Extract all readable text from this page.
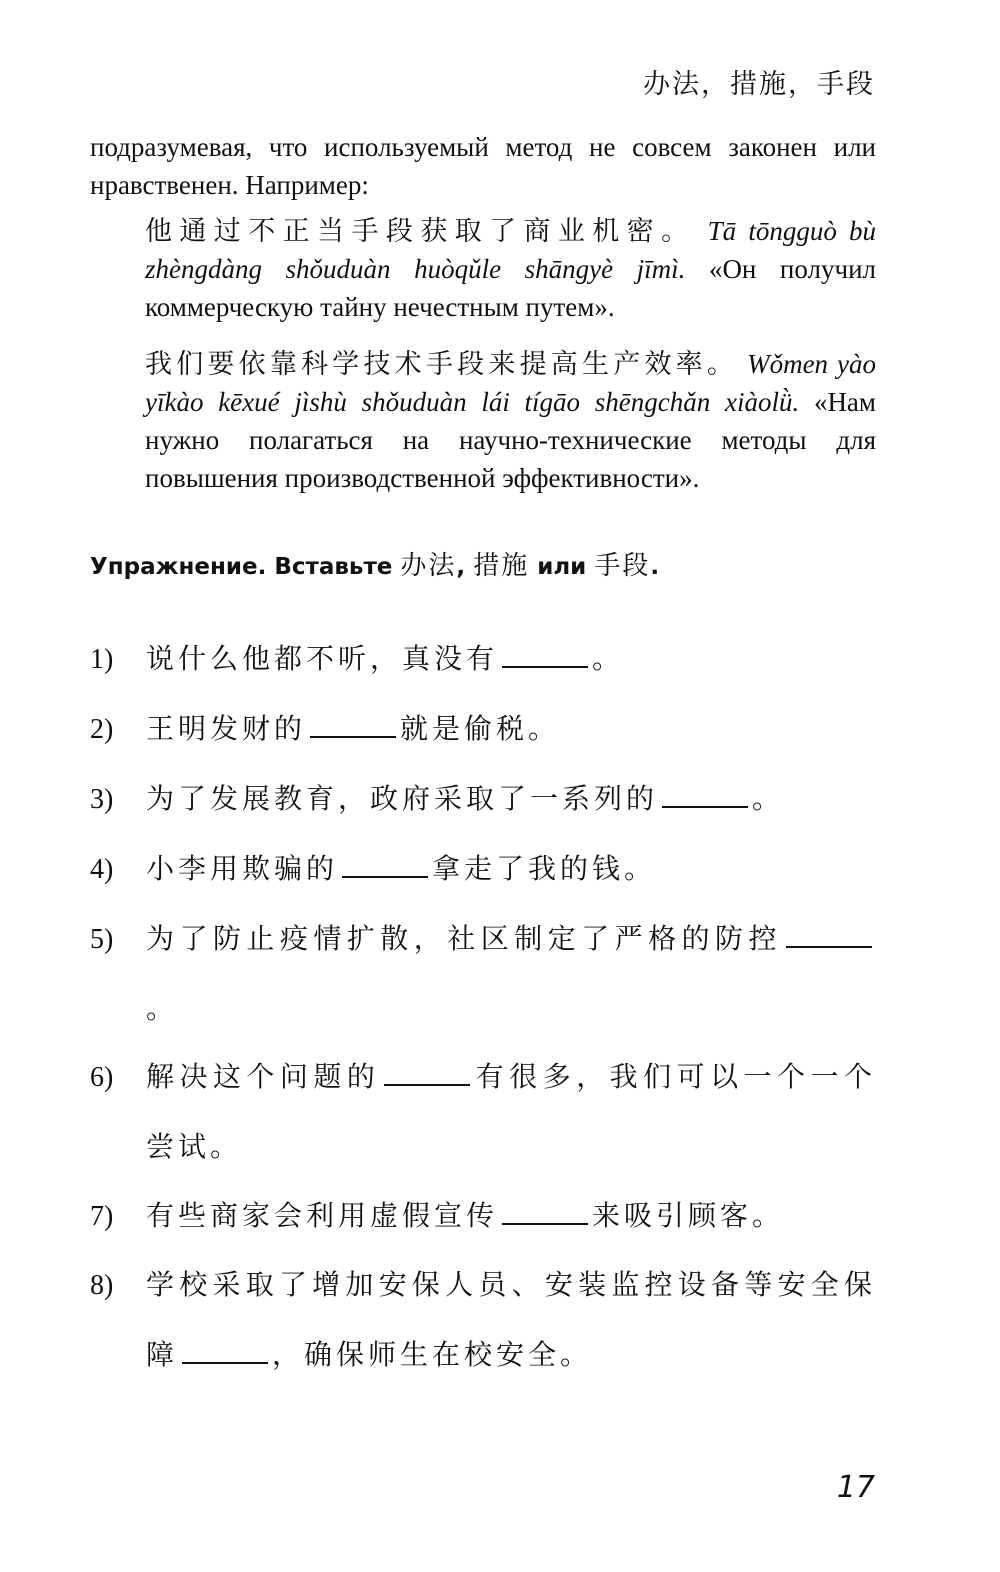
办法，措施，手段
подразумевая, что используемый метод не совсем законен или нравственен. Например:
他通过不正当手段获取了商业机密。 Tā tōngguò bù zhèngdàng shǒuduàn huòqǔle shāngyè jīmì. «Он получил коммерческую тайну нечестным путем».
我们要依靠科学技术手段来提高生产效率。 Wǒmen yào yīkào kēxué jìshù shǒuduàn lái tígāo shēngchǎn xiàolǜ. «Нам нужно полагаться на научно-технические методы для повышения производственной эффективности».
Упражнение. Вставьте 办法, 措施 или 手段.
1)	说什么他都不听，真没有	。
2)	王明发财的	就是偷税。
3)	为了发展教育，政府采取了一系列的	。
4)	小李用欺骗的	拿走了我的钱。
5)	为了防止疫情扩散，社区制定了严格的防控。
6)	解决这个问题的	有很多，我们可以一个一个尝试。
7)	有些商家会利用虚假宣传	来吸引顾客。
8)	学校采取了增加安保人员、安装监控设备等安全保障	，确保师生在校安全。
17
